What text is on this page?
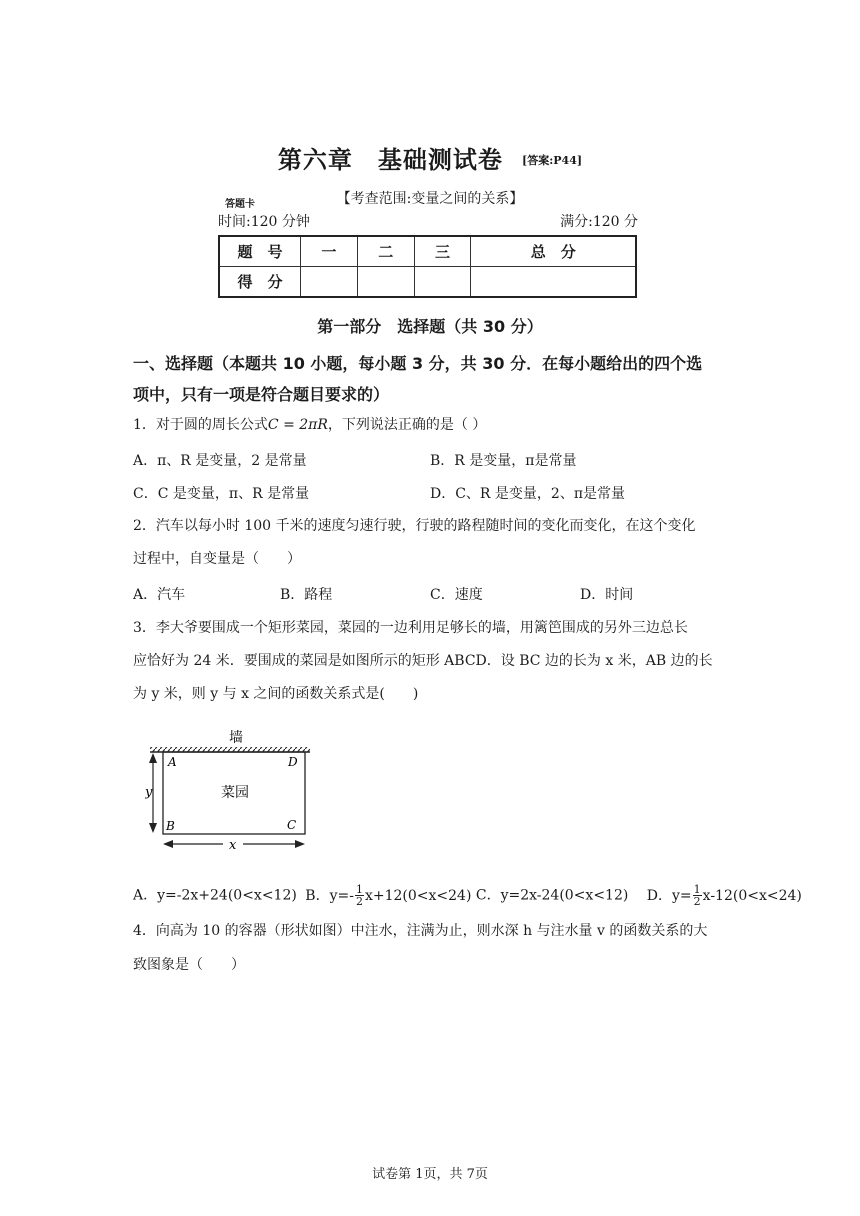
第六章　基础测试卷 [答案:P44]
【考查范围:变量之间的关系】
答题卡
时间:120 分钟	满分:120 分
题　号	一	二	三	总　分
得　分				
第一部分　选择题（共 30 分）
一、选择题（本题共 10 小题，每小题 3 分，共 30 分．在每小题给出的四个选
项中，只有一项是符合题目要求的）
1．对于圆的周长公式C = 2πR，下列说法正确的是（ ）
A．π、R 是变量，2 是常量	B．R 是变量，π是常量
C．C 是变量，π、R 是常量	D．C、R 是变量，2、π是常量
2．汽车以每小时 100 千米的速度匀速行驶，行驶的路程随时间的变化而变化，在这个变化
过程中，自变量是（　　）
A．汽车	B．路程	C．速度	D．时间
3．李大爷要围成一个矩形菜园，菜园的一边利用足够长的墙，用篱笆围成的另外三边总长
应恰好为 24 米．要围成的菜园是如图所示的矩形 ABCD．设 BC 边的长为 x 米，AB 边的长
为 y 米，则 y 与 x 之间的函数关系式是(　　)
墙
菜园
A	D
B	C
y
x
A．y=-2x+24(0<x<12) B．$y=- \frac{1}{2} x+12(0<x<24)$ C．y=2x-24(0<x<12) D．$y= \frac{1}{2} x-12(0<x<24)$
4．向高为 10 的容器（形状如图）中注水，注满为止，则水深 h 与注水量 v 的函数关系的大
致图象是（　　）
试卷第 1页，共 7页
